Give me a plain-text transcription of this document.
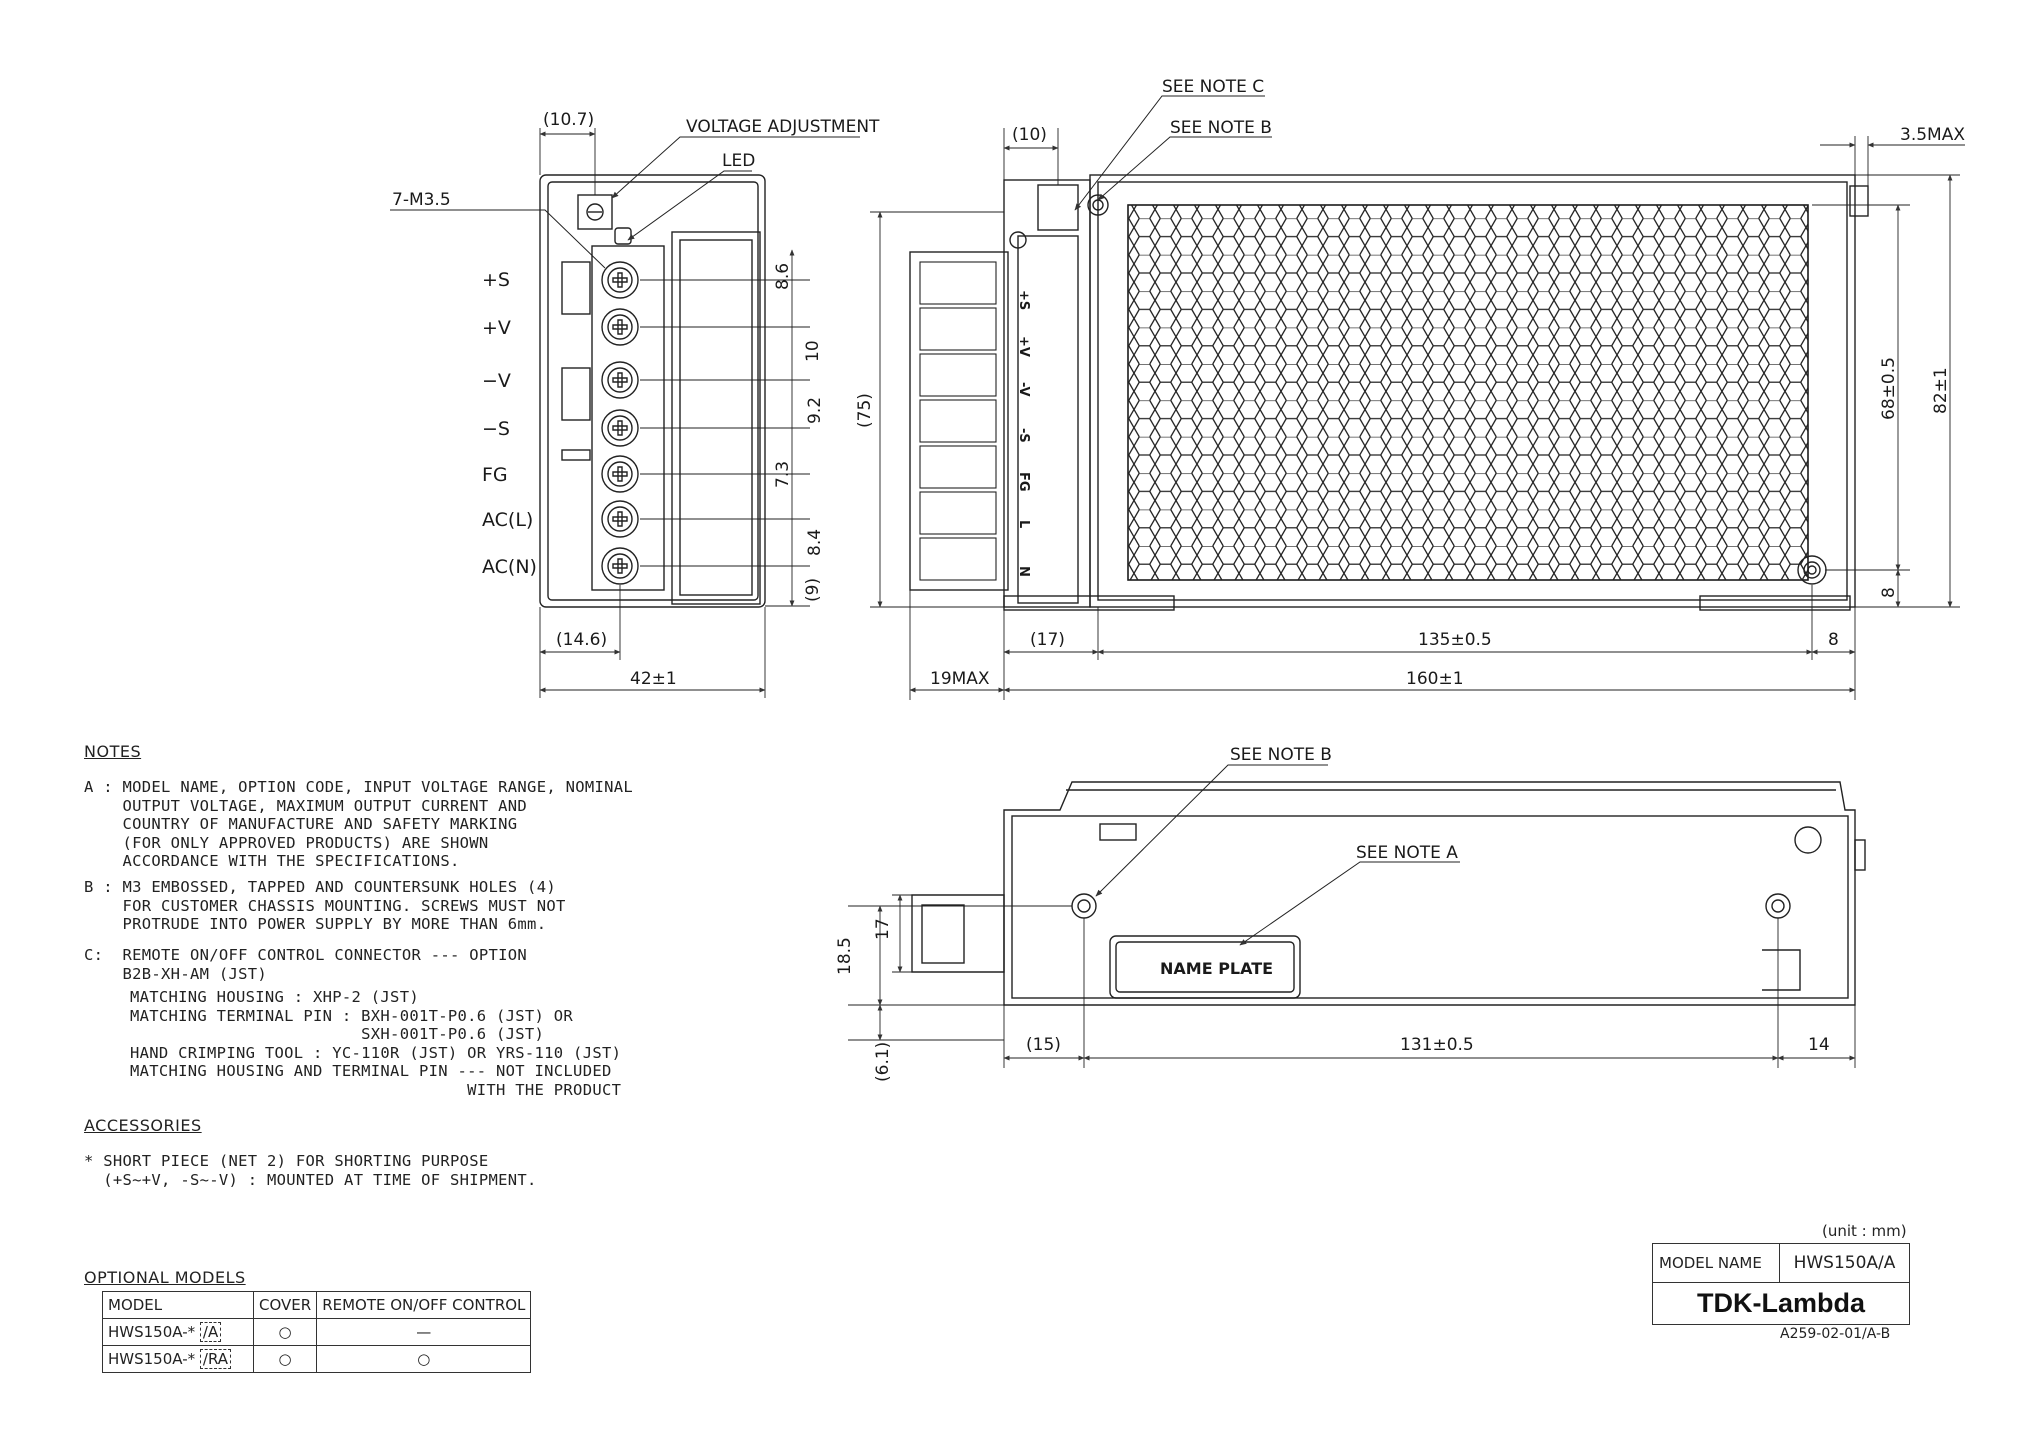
7-M3.5
(10.7)	VOLTAGE ADJUSTMENT
LED
+S
+V
−V
−S
FG
AC(L)
AC(N)
8.6
10
9.2
7.3
8.4
(9)
(14.6)
42±1
SEE NOTE C
SEE NOTE B
(10)	3.5MAX
(75)	68±0.5 82±1
8
(17)	135±0.5	8
19MAX	160±1
+S
+V
-V
-S
FG
L
N
SEE NOTE B
SEE NOTE A
NAME PLATE
18.5
17
(6.1)	(15)	131±0.5	14
NOTES
A : MODEL NAME, OPTION CODE, INPUT VOLTAGE RANGE, NOMINAL
OUTPUT VOLTAGE, MAXIMUM OUTPUT CURRENT AND
COUNTRY OF MANUFACTURE AND SAFETY MARKING
(FOR ONLY APPROVED PRODUCTS) ARE SHOWN
ACCORDANCE WITH THE SPECIFICATIONS.
B : M3 EMBOSSED, TAPPED AND COUNTERSUNK HOLES (4)
FOR CUSTOMER CHASSIS MOUNTING. SCREWS MUST NOT
PROTRUDE INTO POWER SUPPLY BY MORE THAN 6mm.
C:  REMOTE ON/OFF CONTROL CONNECTOR --- OPTION
B2B-XH-AM (JST)
MATCHING HOUSING : XHP-2 (JST)
MATCHING TERMINAL PIN : BXH-001T-P0.6 (JST) OR
SXH-001T-P0.6 (JST)
HAND CRIMPING TOOL : YC-110R (JST) OR YRS-110 (JST)
MATCHING HOUSING AND TERMINAL PIN --- NOT INCLUDED
WITH THE PRODUCT
ACCESSORIES
* SHORT PIECE (NET 2) FOR SHORTING PURPOSE
(+S~+V, -S~-V) : MOUNTED AT TIME OF SHIPMENT.
OPTIONAL MODELS
MODEL	COVER	REMOTE ON/OFF CONTROL
HWS150A-* /A	○	—
HWS150A-* /RA	○	○
(unit : mm)
MODEL NAME	HWS150A/A
TDK-Lambda
A259-02-01/A-B
